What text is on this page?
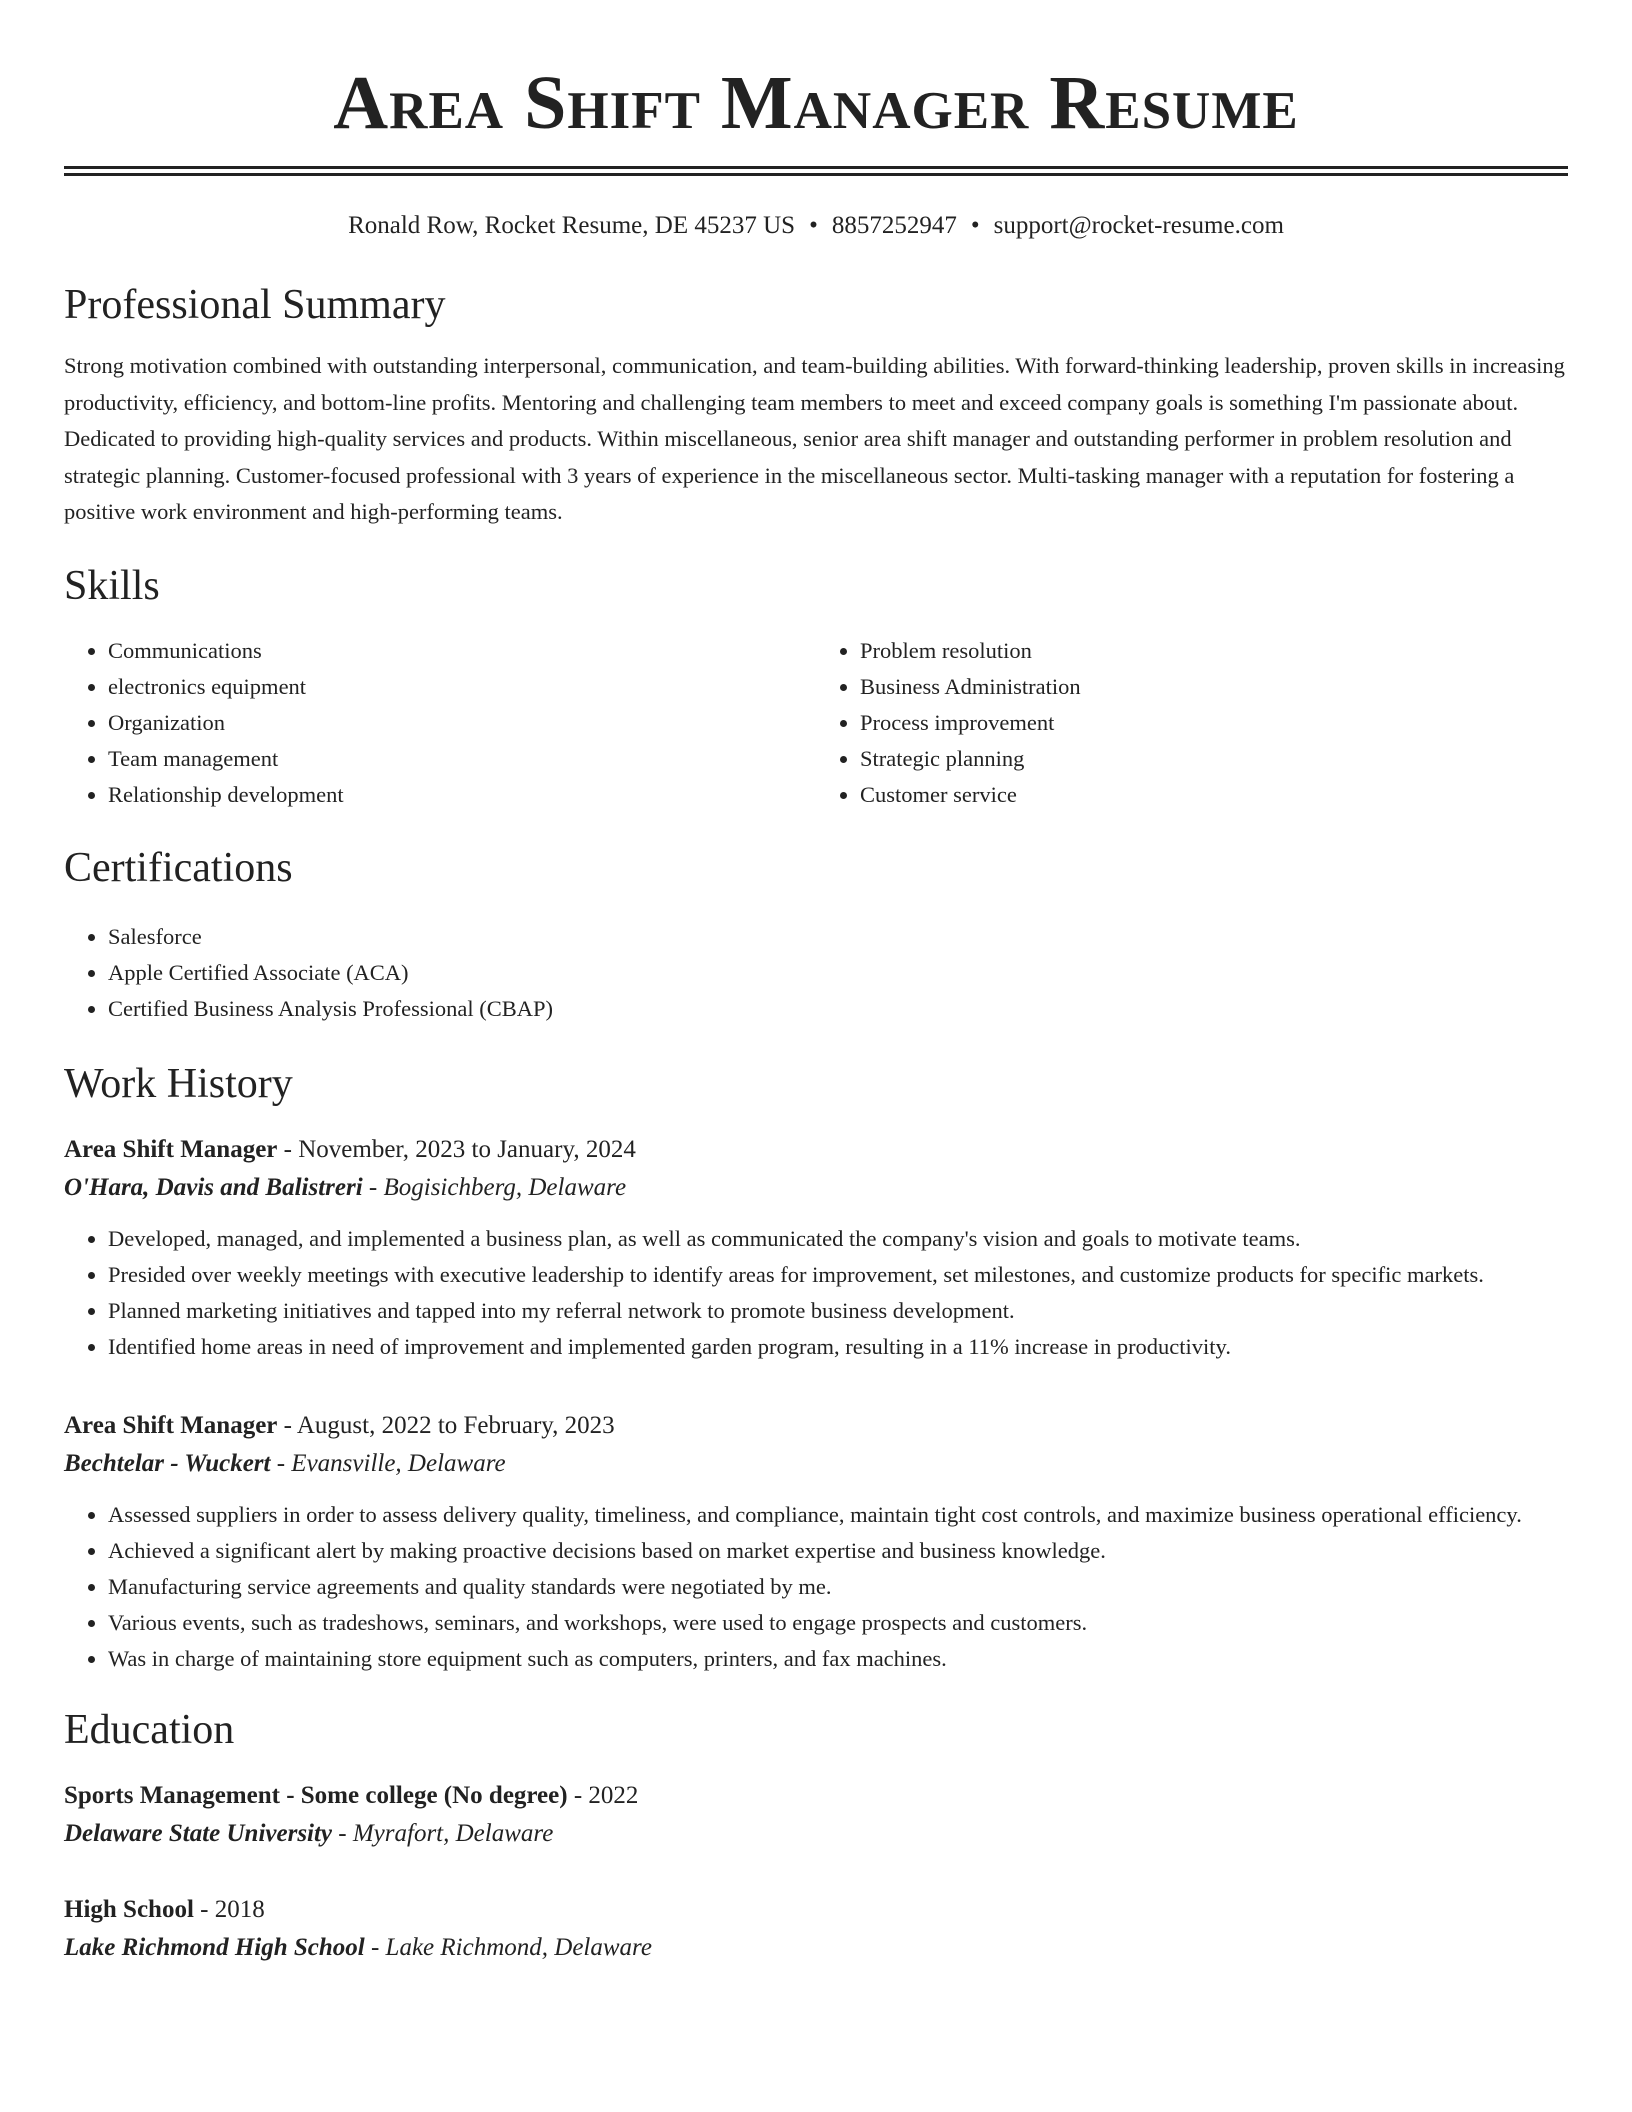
Area Shift Manager Resume
Ronald Row, Rocket Resume, DE 45237 US • 8857252947 • support@rocket-resume.com
Professional Summary

Strong motivation combined with outstanding interpersonal, communication, and team-building abilities. With forward-thinking leadership, proven skills in increasing productivity, efficiency, and bottom-line profits. Mentoring and challenging team members to meet and exceed company goals is something I'm passionate about. Dedicated to providing high-quality services and products. Within miscellaneous, senior area shift manager and outstanding performer in problem resolution and strategic planning. Customer-focused professional with 3 years of experience in the miscellaneous sector. Multi-tasking manager with a reputation for fostering a positive work environment and high-performing teams.

Skills
• Communications
• electronics equipment
• Organization
• Team management
• Relationship development
• Problem resolution
• Business Administration
• Process improvement
• Strategic planning
• Customer service
Certifications
• Salesforce
• Apple Certified Associate (ACA)
• Certified Business Analysis Professional (CBAP)
Work History
Area Shift Manager - November, 2023 to January, 2024
O'Hara, Davis and Balistreri - Bogisichberg, Delaware
• Developed, managed, and implemented a business plan, as well as communicated the company's vision and goals to motivate teams.
• Presided over weekly meetings with executive leadership to identify areas for improvement, set milestones, and customize products for specific markets.
• Planned marketing initiatives and tapped into my referral network to promote business development.
• Identified home areas in need of improvement and implemented garden program, resulting in a 11% increase in productivity.
Area Shift Manager - August, 2022 to February, 2023
Bechtelar - Wuckert - Evansville, Delaware
• Assessed suppliers in order to assess delivery quality, timeliness, and compliance, maintain tight cost controls, and maximize business operational efficiency.
• Achieved a significant alert by making proactive decisions based on market expertise and business knowledge.
• Manufacturing service agreements and quality standards were negotiated by me.
• Various events, such as tradeshows, seminars, and workshops, were used to engage prospects and customers.
• Was in charge of maintaining store equipment such as computers, printers, and fax machines.
Education
Sports Management - Some college (No degree) - 2022
Delaware State University - Myrafort, Delaware
High School - 2018
Lake Richmond High School - Lake Richmond, Delaware
